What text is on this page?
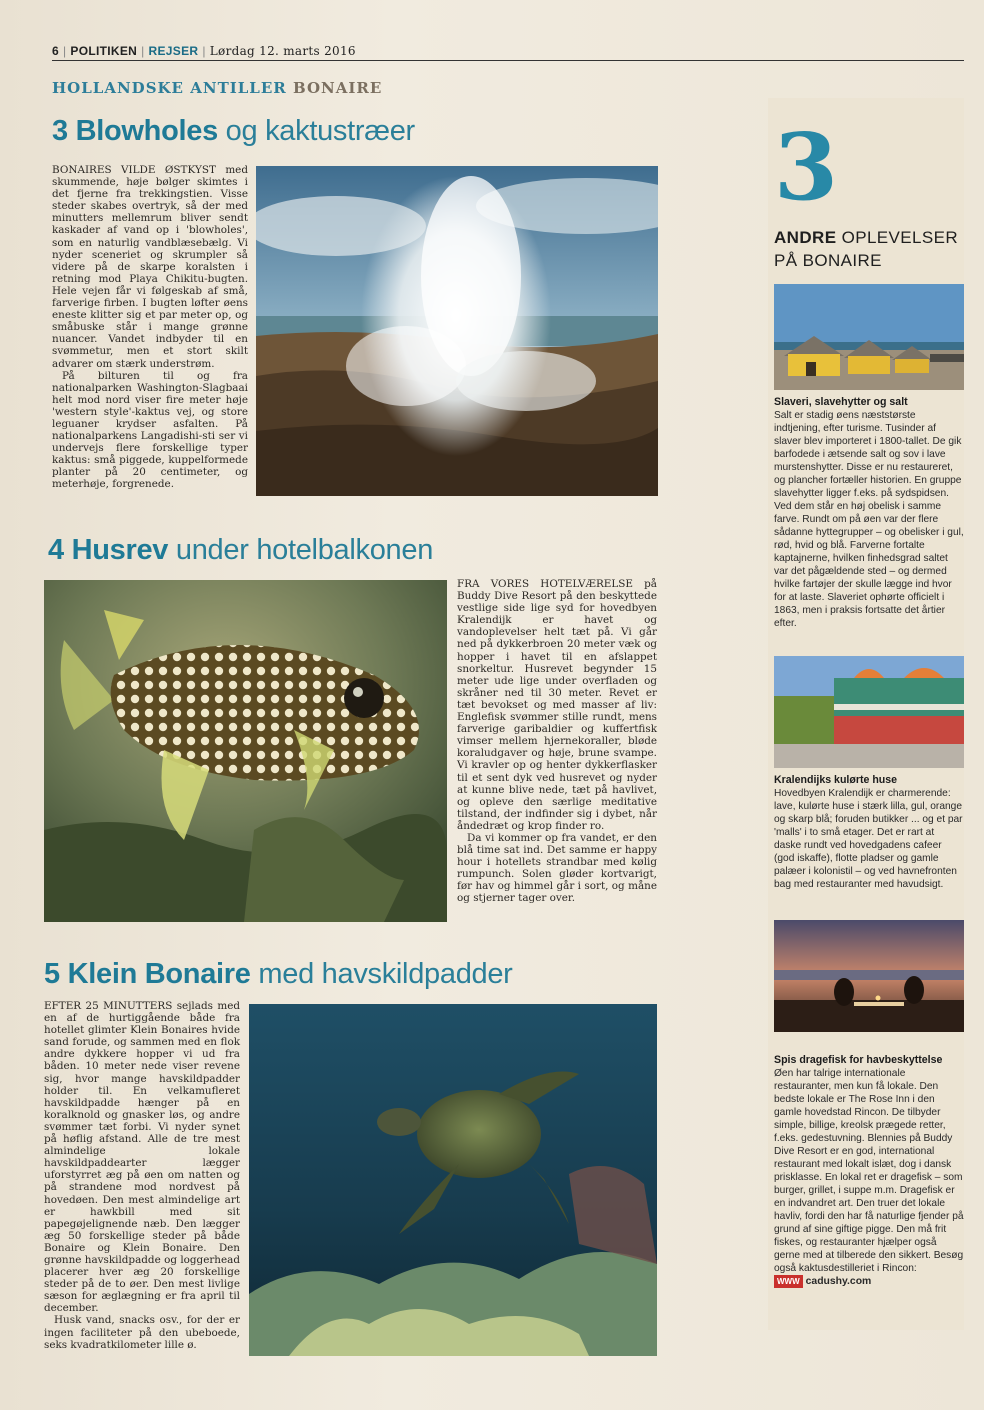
6 | POLITIKEN | REJSER | Lørdag 12. marts 2016
HOLLANDSKE ANTILLER BONAIRE
3 Blowholes og kaktustræer

BONAIRES VILDE ØSTKYST med skummende, høje bølger skimtes i det fjerne fra trekkingstien. Visse steder skabes overtryk, så der med minutters mellemrum bliver sendt kaskader af vand op i 'blowholes', som en naturlig vandblæsebælg. Vi nyder sceneriet og skrumpler så videre på de skarpe koralsten i retning mod Playa Chikitu-bugten. Hele vejen får vi følgeskab af små, farverige firben. I bugten løfter øens eneste klitter sig et par meter op, og småbuske står i mange grønne nuancer. Vandet indbyder til en svømmetur, men et stort skilt advarer om stærk understrøm.

På bilturen til og fra nationalparken Washington-Slagbaai helt mod nord viser fire meter høje 'western style'-kaktus vej, og store leguaner krydser asfalten. På nationalparkens Langadishi-sti ser vi undervejs flere forskellige typer kaktus: små piggede, kuppelformede planter på 20 centimeter, og meterhøje, forgrenede.

4 Husrev under hotelbalkonen

FRA VORES HOTELVÆRELSE på Buddy Dive Resort på den beskyttede vestlige side lige syd for hovedbyen Kralendijk er havet og vandoplevelser helt tæt på. Vi går ned på dykkerbroen 20 meter væk og hopper i havet til en afslappet snorkeltur. Husrevet begynder 15 meter ude lige under overfladen og skråner ned til 30 meter. Revet er tæt bevokset og med masser af liv: Englefisk svømmer stille rundt, mens farverige garibaldier og kuffertfisk vimser mellem hjernekoraller, bløde koraludgaver og høje, brune svampe. Vi kravler op og henter dykkerflasker til et sent dyk ved husrevet og nyder at kunne blive nede, tæt på havlivet, og opleve den særlige meditative tilstand, der indfinder sig i dybet, når åndedræt og krop finder ro.

Da vi kommer op fra vandet, er den blå time sat ind. Det samme er happy hour i hotellets strandbar med kølig rumpunch. Solen gløder kortvarigt, før hav og himmel går i sort, og måne og stjerner tager over.

5 Klein Bonaire med havskildpadder

EFTER 25 MINUTTERS sejlads med en af de hurtiggående både fra hotellet glimter Klein Bonaires hvide sand forude, og sammen med en flok andre dykkere hopper vi ud fra båden. 10 meter nede viser revene sig, hvor mange havskildpadder holder til. En velkamufleret havskildpadde hænger på en koralknold og gnasker løs, og andre svømmer tæt forbi. Vi nyder synet på høflig afstand. Alle de tre mest almindelige lokale havskildpaddearter lægger uforstyrret æg på øen om natten og på strandene mod nordvest på hovedøen. Den mest almindelige art er hawkbill med sit papegøjelignende næb. Den lægger æg 50 forskellige steder på både Bonaire og Klein Bonaire. Den grønne havskildpadde og loggerhead placerer hver æg 20 forskellige steder på de to øer. Den mest livlige sæson for æglægning er fra april til december.

Husk vand, snacks osv., for der er ingen faciliteter på den ubeboede, seks kvadratkilometer lille ø.

3
ANDRE OPLEVELSER
PÅ BONAIRE
Slaveri, slavehytter og salt
Salt er stadig øens næststørste indtjening, efter turisme. Tusinder af slaver blev importeret i 1800-tallet. De gik barfodede i ætsende salt og sov i lave murstenshytter. Disse er nu restaureret, og plancher fortæller historien. En gruppe slavehytter ligger f.eks. på sydspidsen. Ved dem står en høj obelisk i samme farve. Rundt om på øen var der flere sådanne hyttegrupper – og obelisker i gul, rød, hvid og blå. Farverne fortalte kaptajnerne, hvilken finhedsgrad saltet var det pågældende sted – og dermed hvilke fartøjer der skulle lægge ind hvor for at laste. Slaveriet ophørte officielt i 1863, men i praksis fortsatte det årtier efter.
Kralendijks kulørte huse
Hovedbyen Kralendijk er charmerende: lave, kulørte huse i stærk lilla, gul, orange og skarp blå; foruden butikker ... og et par 'malls' i to små etager. Det er rart at daske rundt ved hovedgadens cafeer (god iskaffe), flotte pladser og gamle palæer i kolonistil – og ved havnefronten bag med restauranter med havudsigt.
Spis dragefisk for havbeskyttelse
Øen har talrige internationale restauranter, men kun få lokale. Den bedste lokale er The Rose Inn i den gamle hovedstad Rincon. De tilbyder simple, billige, kreolsk prægede retter, f.eks. gedestuvning. Blennies på Buddy Dive Resort er en god, international restaurant med lokalt islæt, dog i dansk prisklasse. En lokal ret er dragefisk – som burger, grillet, i suppe m.m. Dragefisk er en indvandret art. Den truer det lokale havliv, fordi den har få naturlige fjender på grund af sine giftige pigge. Den må frit fiskes, og restauranter hjælper også gerne med at tilberede den sikkert. Besøg også kaktusdestilleriet i Rincon:
WWW cadushy.com
